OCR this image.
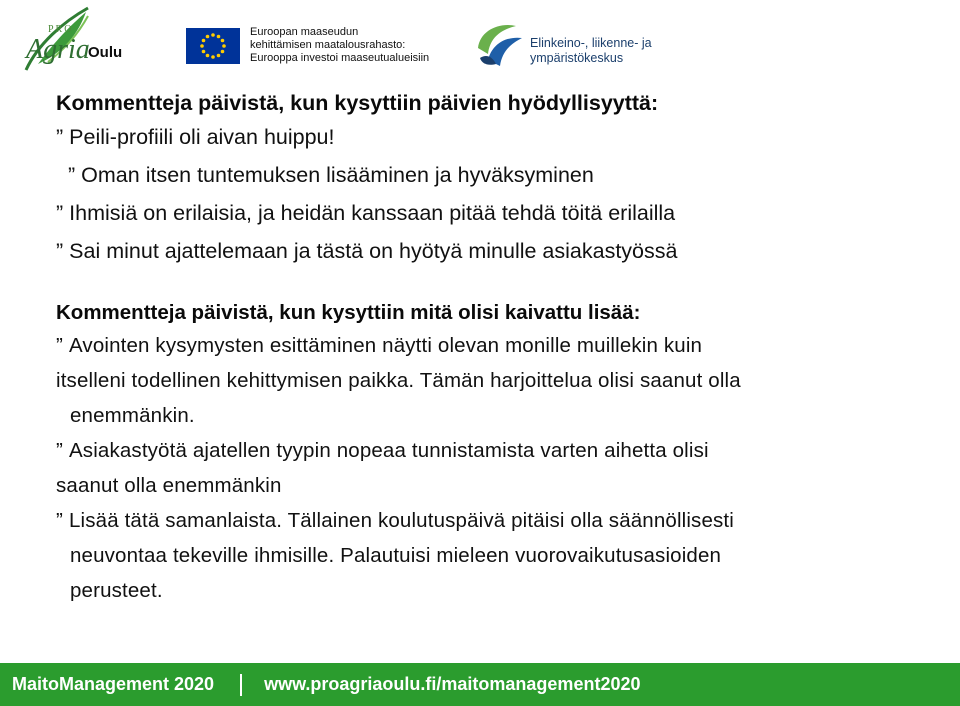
PRO
Agria
Oulu
Euroopan maaseudun
kehittämisen maatalousrahasto:
Eurooppa investoi maaseutualueisiin
Elinkeino-, liikenne- ja
ympäristökeskus
Kommentteja päivistä, kun kysyttiin päivien hyödyllisyyttä:
” Peili-profiili oli aivan huippu!
” Oman itsen tuntemuksen lisääminen ja hyväksyminen
” Ihmisiä on erilaisia, ja heidän kanssaan pitää tehdä töitä erilailla
” Sai minut ajattelemaan ja tästä on hyötyä minulle asiakastyössä
Kommentteja päivistä, kun kysyttiin mitä olisi kaivattu lisää:
” Avointen kysymysten esittäminen näytti olevan monille muillekin kuin
itselleni todellinen kehittymisen paikka. Tämän harjoittelua olisi saanut olla
enemmänkin.
” Asiakastyötä ajatellen tyypin nopeaa tunnistamista varten aihetta olisi
saanut olla enemmänkin
” Lisää tätä samanlaista. Tällainen koulutuspäivä pitäisi olla säännöllisesti
neuvontaa tekeville ihmisille. Palautuisi mieleen vuorovaikutusasioiden
perusteet.
MaitoManagement 2020	www.proagriaoulu.fi/maitomanagement2020
